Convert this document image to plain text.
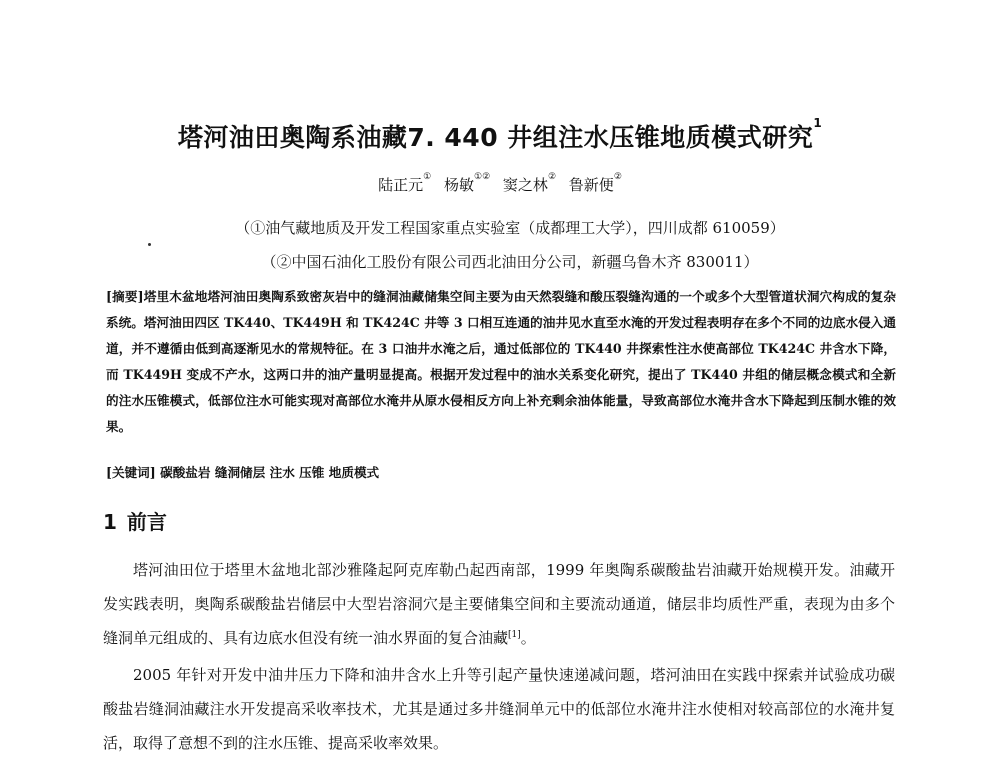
塔河油田奥陶系油藏7. 440 井组注水压锥地质模式研究$^1$
陆正元① 杨敏①② 窦之林② 鲁新便②
（①油气藏地质及开发工程国家重点实验室（成都理工大学），四川成都 610059）
（②中国石油化工股份有限公司西北油田分公司，新疆乌鲁木齐 830011）
[摘要]塔里木盆地塔河油田奥陶系致密灰岩中的缝洞油藏储集空间主要为由天然裂缝和酸压裂缝沟通的一个或多个大型管道状洞穴构成的复杂系统。塔河油田四区 TK440、TK449H 和 TK424C 井等 3 口相互连通的油井见水直至水淹的开发过程表明存在多个不同的边底水侵入通道，并不遵循由低到高逐渐见水的常规特征。在 3 口油井水淹之后，通过低部位的 TK440 井探索性注水使高部位 TK424C 井含水下降，而 TK449H 变成不产水，这两口井的油产量明显提高。根据开发过程中的油水关系变化研究，提出了 TK440 井组的储层概念模式和全新的注水压锥模式，低部位注水可能实现对高部位水淹井从原水侵相反方向上补充剩余油体能量，导致高部位水淹井含水下降起到压制水锥的效果。
[关键词] 碳酸盐岩 缝洞储层 注水 压锥 地质模式
1 前言
塔河油田位于塔里木盆地北部沙雅隆起阿克库勒凸起西南部，1999 年奥陶系碳酸盐岩油藏开始规模开发。油藏开发实践表明，奥陶系碳酸盐岩储层中大型岩溶洞穴是主要储集空间和主要流动通道，储层非均质性严重，表现为由多个缝洞单元组成的、具有边底水但没有统一油水界面的复合油藏[1]。
2005 年针对开发中油井压力下降和油井含水上升等引起产量快速递减问题，塔河油田在实践中探索并试验成功碳酸盐岩缝洞油藏注水开发提高采收率技术，尤其是通过多井缝洞单元中的低部位水淹井注水使相对较高部位的水淹井复活，取得了意想不到的注水压锥、提高采收率效果。
